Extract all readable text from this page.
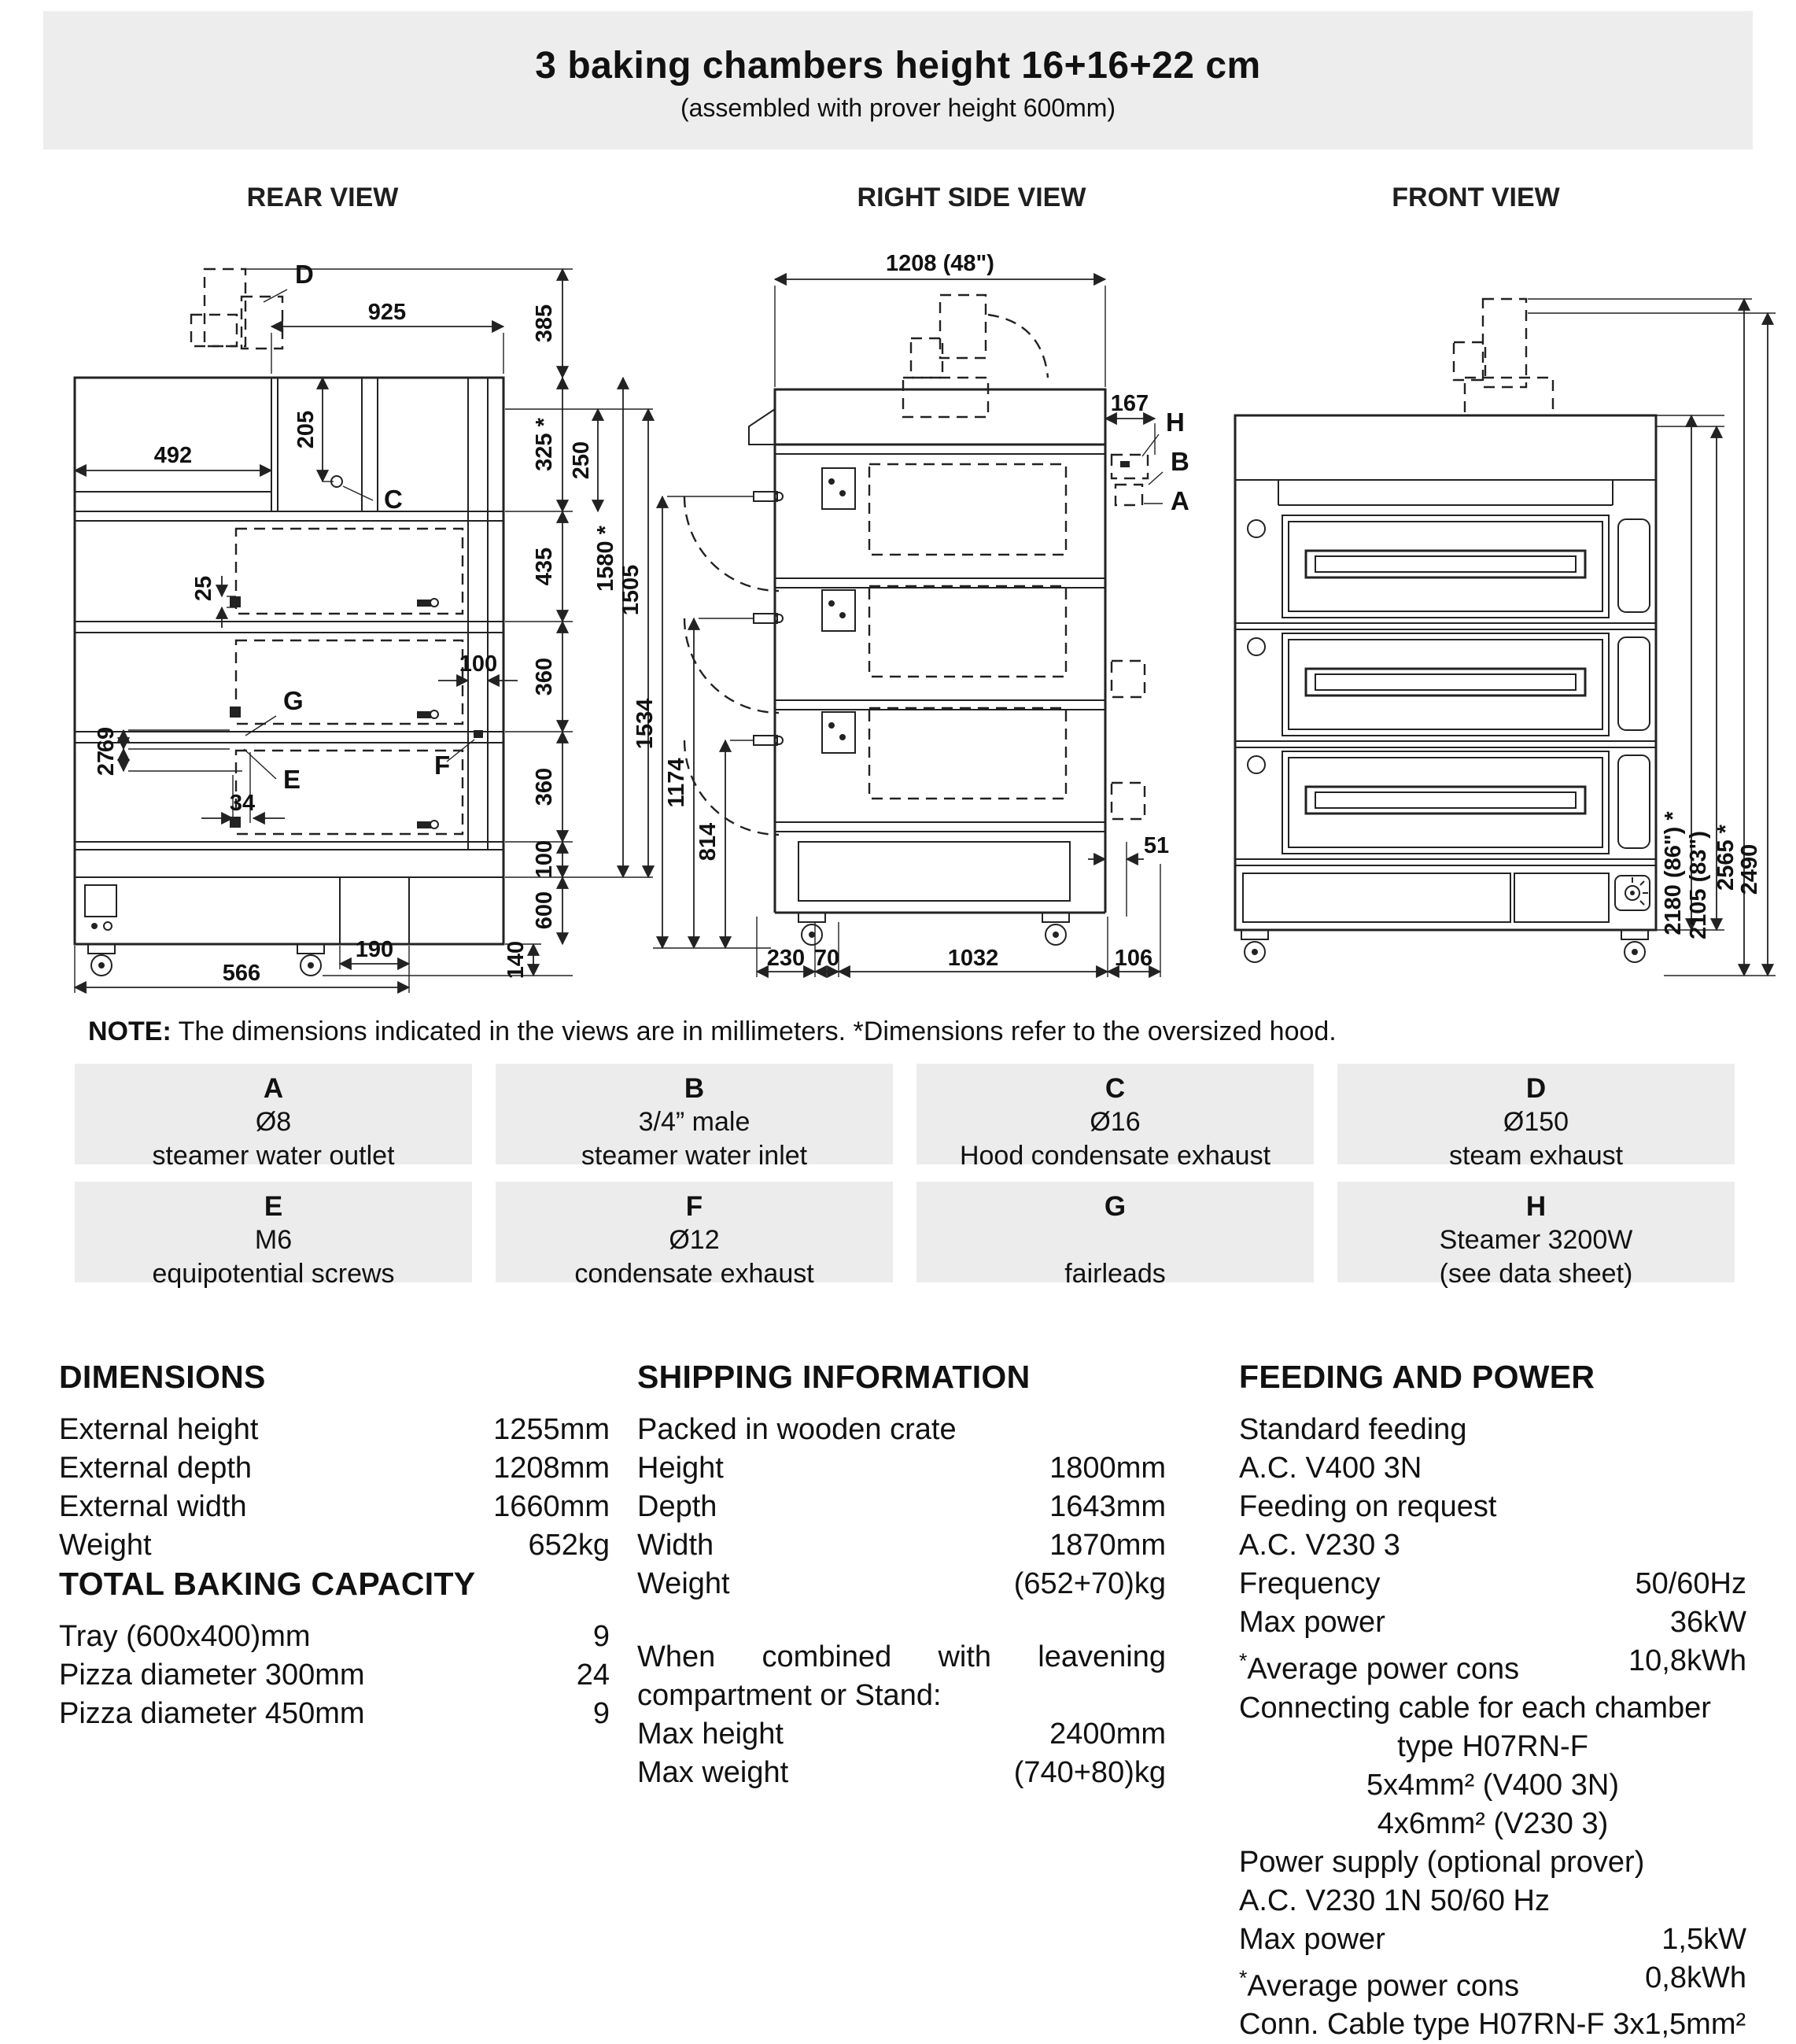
3 baking chambers height 16+16+22 cm
(assembled with prover height 600mm)
REAR VIEW	RIGHT SIDE VIEW	FRONT VIEW
D
C
G
E	F
925
205
492
25
69
27
34
100
190
566	140
385
325 *
435
360
360
100
600
250
1580 * 1505
1208 (48")
167
H
B
A
1534
1174
814
230 70	1032	106
51	2180 (86") * 2105 (83") 2565 *
2490
NOTE: The dimensions indicated in the views are in millimeters. *Dimensions refer to the oversized hood.
A
Ø8
steamer water outlet
B
3/4” male
steamer water inlet
C
Ø16
Hood condensate exhaust
D
Ø150
steam exhaust
E
M6
equipotential screws
F
Ø12
condensate exhaust
G
fairleads
H
Steamer 3200W
(see data sheet)
DIMENSIONS
External height	1255mm
External depth	1208mm
External width	1660mm
Weight	652kg
TOTAL BAKING CAPACITY
Tray (600x400)mm	9
Pizza diameter 300mm	24
Pizza diameter 450mm	9
SHIPPING INFORMATION
Packed in wooden crate
Height	1800mm
Depth	1643mm
Width	1870mm
Weight	(652+70)kg
When combined with leavening compartment or Stand:
Max height	2400mm
Max weight	(740+80)kg
FEEDING AND POWER
Standard feeding
A.C. V400 3N
Feeding on request
A.C. V230 3
Frequency	50/60Hz
Max power	36kW
*Average power cons	10,8kWh
Connecting cable for each chamber
type H07RN-F
5x4mm² (V400 3N)
4x6mm² (V230 3)
Power supply (optional prover)
A.C. V230 1N 50/60 Hz
Max power	1,5kW
*Average power cons	0,8kWh
Conn. Cable type H07RN-F 3x1,5mm²
